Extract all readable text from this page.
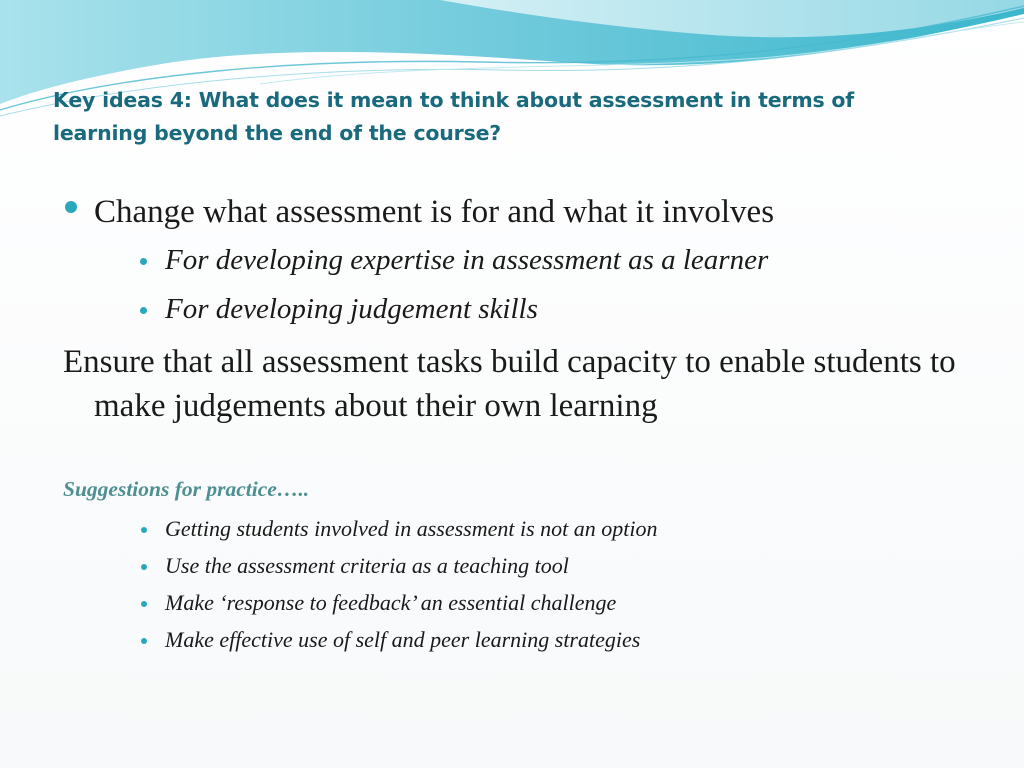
Key ideas 4: What does it mean to think about assessment in terms of learning beyond the end of the course?
Change what assessment is for and what it involves
For developing expertise in assessment as a learner
For developing judgement skills

Ensure that all assessment tasks build capacity to enable students to make judgements about their own learning

Suggestions for practice…..
Getting students involved in assessment is not an option
Use the assessment criteria as a teaching tool
Make ‘response to feedback’ an essential challenge
Make effective use of self and peer learning strategies
